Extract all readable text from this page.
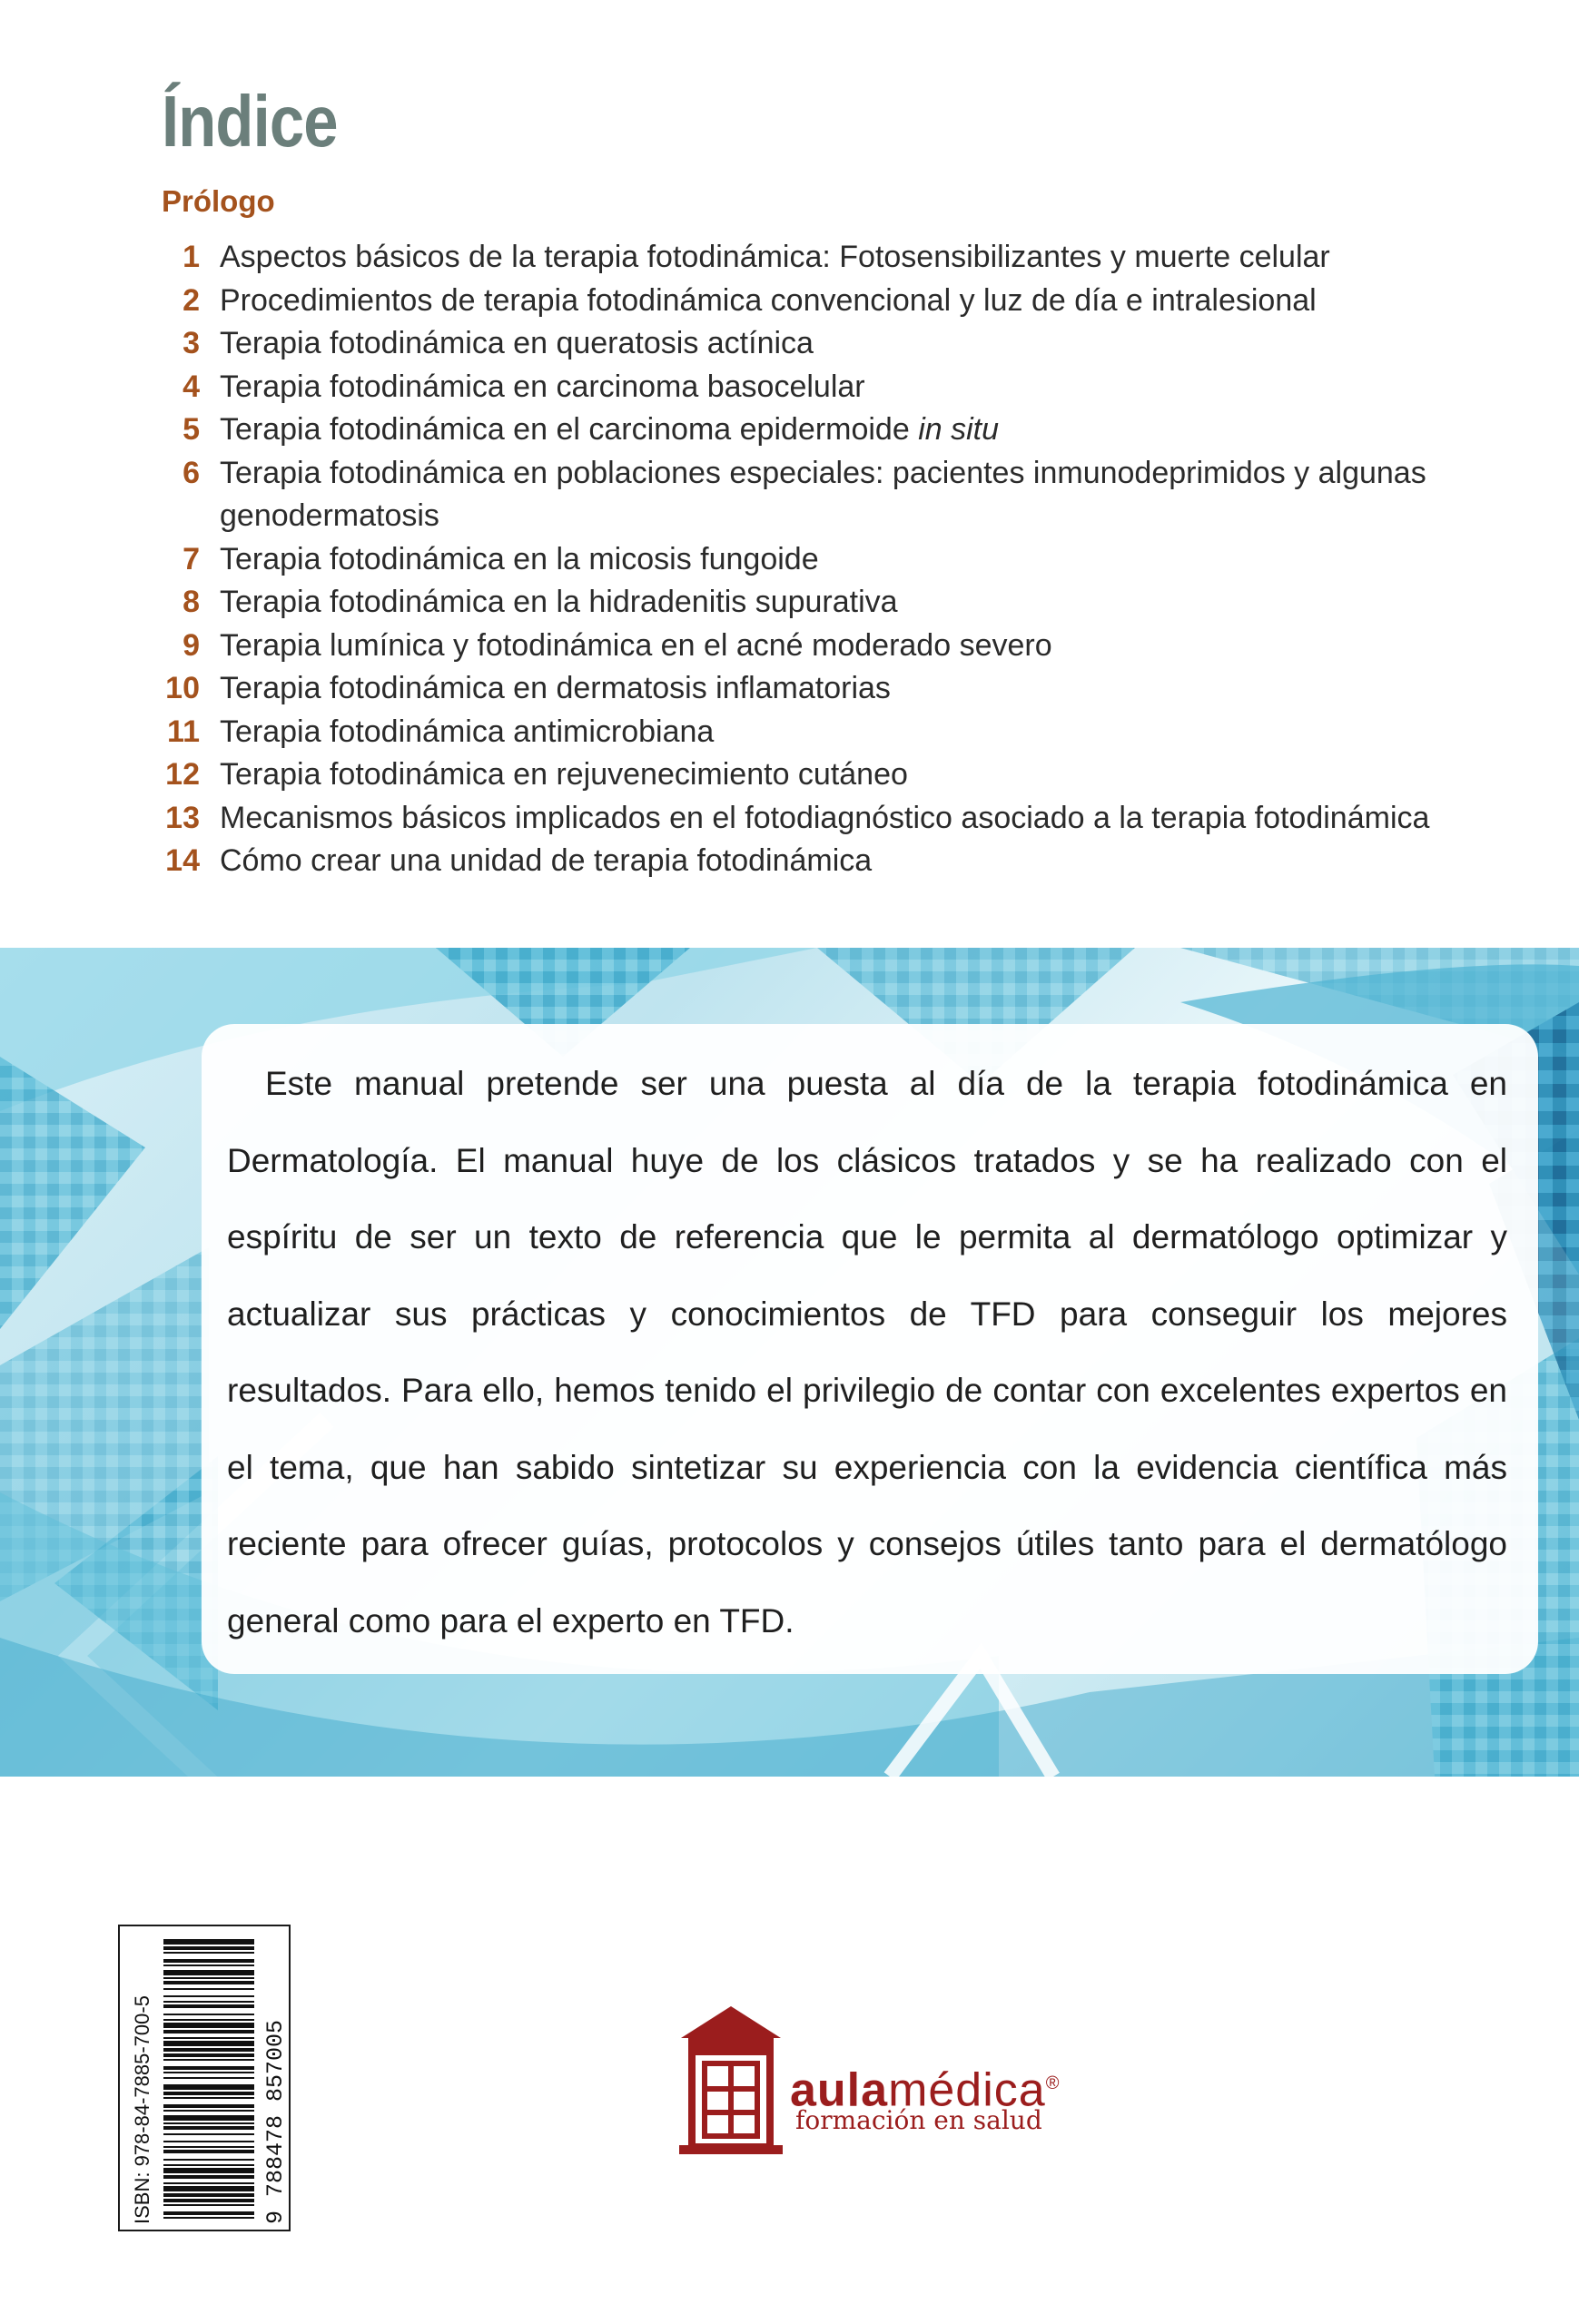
Índice
Prólogo
1 Aspectos básicos de la terapia fotodinámica: Fotosensibilizantes y muerte celular
2 Procedimientos de terapia fotodinámica convencional y luz de día e intralesional
3 Terapia fotodinámica en queratosis actínica
4 Terapia fotodinámica en carcinoma basocelular
5 Terapia fotodinámica en el carcinoma epidermoide in situ
6 Terapia fotodinámica en poblaciones especiales: pacientes inmunodeprimidos y algunas genodermatosis
7 Terapia fotodinámica en la micosis fungoide
8 Terapia fotodinámica en la hidradenitis supurativa
9 Terapia lumínica y fotodinámica en el acné moderado severo
10 Terapia fotodinámica en dermatosis inflamatorias
11 Terapia fotodinámica antimicrobiana
12 Terapia fotodinámica en rejuvenecimiento cutáneo
13 Mecanismos básicos implicados en el fotodiagnóstico asociado a la terapia fotodinámica
14 Cómo crear una unidad de terapia fotodinámica

Este manual pretende ser una puesta al día de la terapia fotodinámica en Dermatología. El manual huye de los clásicos tratados y se ha realizado con el espíritu de ser un texto de referencia que le permita al dermatólogo optimizar y actualizar sus prácticas y conocimientos de TFD para conseguir los mejores resultados. Para ello, hemos tenido el privilegio de contar con excelentes expertos en el tema, que han sabido sintetizar su experiencia con la evidencia científica más reciente para ofrecer guías, protocolos y consejos útiles tanto para el dermatólogo general como para el experto en TFD.

ISBN: 978-84-7885-700-5	9 788478 857005	aulamédica®
formación en salud
